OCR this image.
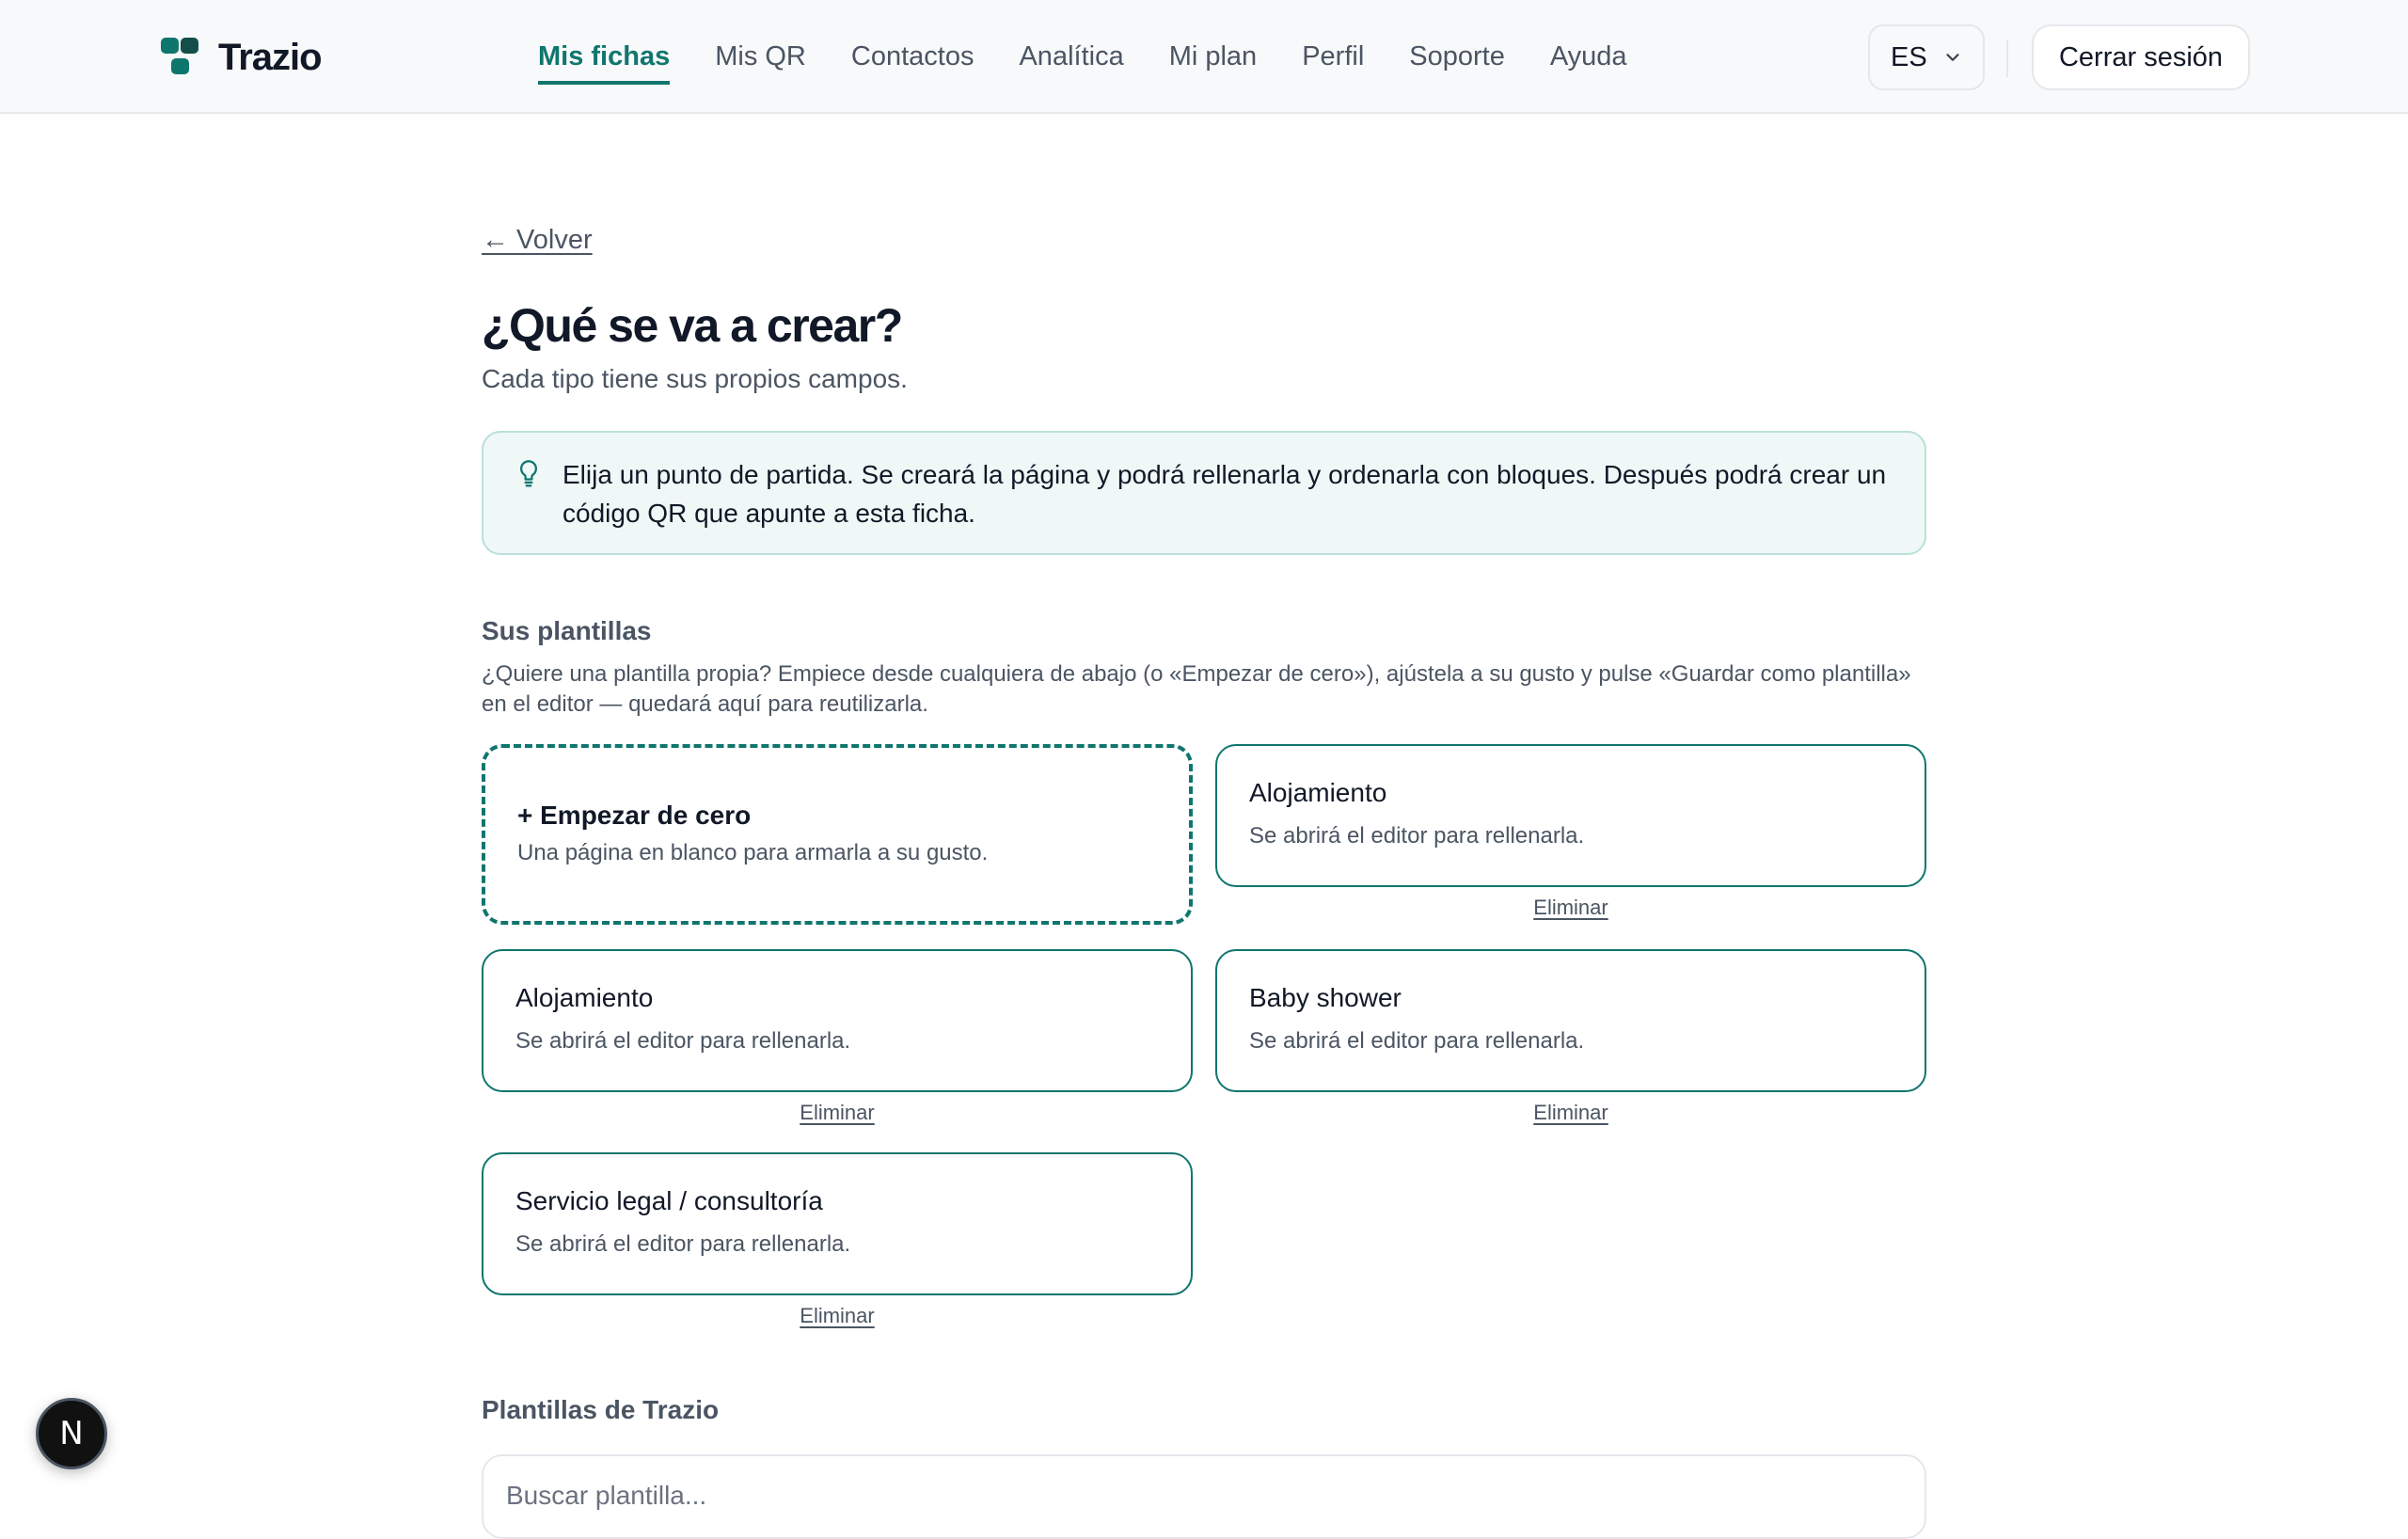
Trazio	Mis fichas Mis QR Contactos Analítica Mi plan Perfil Soporte Ayuda	ES	Cerrar sesión
← Volver
¿Qué se va a crear?

Cada tipo tiene sus propios campos.

Elija un punto de partida. Se creará la página y podrá rellenarla y ordenarla con bloques. Después podrá crear un código QR que apunte a esta ficha.

Sus plantillas

¿Quiere una plantilla propia? Empiece desde cualquiera de abajo (o «Empezar de cero»), ajústela a su gusto y pulse «Guardar como plantilla» en el editor — quedará aquí para reutilizarla.

+ Empezar de cero
Una página en blanco para armarla a su gusto.
Alojamiento
Se abrirá el editor para rellenarla.
Eliminar
Alojamiento
Se abrirá el editor para rellenarla.
Eliminar
Baby shower
Se abrirá el editor para rellenarla.
Eliminar
Servicio legal / consultoría
Se abrirá el editor para rellenarla.
Eliminar
Plantillas de Trazio
Buscar plantilla...
N
